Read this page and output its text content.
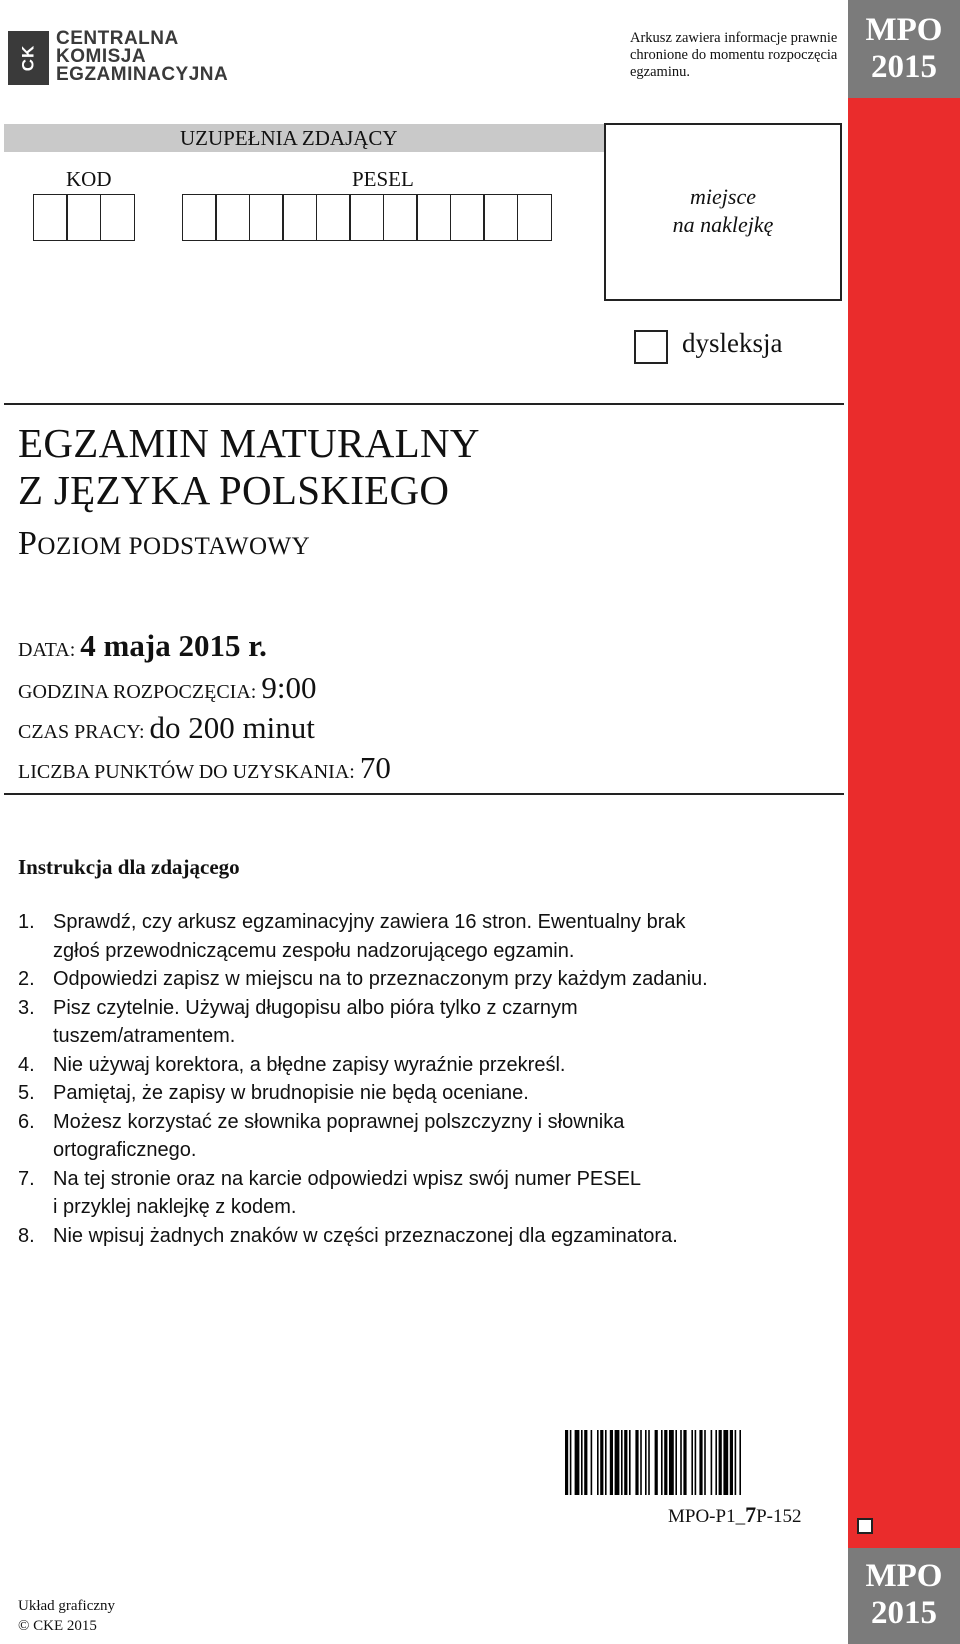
MPO
2015
MPO
2015
CK
CENTRALNA
KOMISJA
EGZAMINACYJNA
Arkusz zawiera informacje prawnie chronione do momentu rozpoczęcia egzaminu.
UZUPEŁNIA ZDAJĄCY
KOD	PESEL
miejsce
na naklejkę
dysleksja
EGZAMIN MATURALNY
Z JĘZYKA POLSKIEGO
POZIOM PODSTAWOWY
DATA: 4 maja 2015 r.
GODZINA ROZPOCZĘCIA: 9:00
CZAS PRACY: do 200 minut
LICZBA PUNKTÓW DO UZYSKANIA: 70
Instrukcja dla zdającego
1. Sprawdź, czy arkusz egzaminacyjny zawiera 16 stron. Ewentualny brak
zgłoś przewodniczącemu zespołu nadzorującego egzamin.
2. Odpowiedzi zapisz w miejscu na to przeznaczonym przy każdym zadaniu.
3. Pisz czytelnie. Używaj długopisu albo pióra tylko z czarnym
tuszem/atramentem.
4. Nie używaj korektora, a błędne zapisy wyraźnie przekreśl.
5. Pamiętaj, że zapisy w brudnopisie nie będą oceniane.
6. Możesz korzystać ze słownika poprawnej polszczyzny i słownika
ortograficznego.
7. Na tej stronie oraz na karcie odpowiedzi wpisz swój numer PESEL
i przyklej naklejkę z kodem.
8. Nie wpisuj żadnych znaków w części przeznaczonej dla egzaminatora.
MPO-P1_7P-152
Układ graficzny
© CKE 2015
